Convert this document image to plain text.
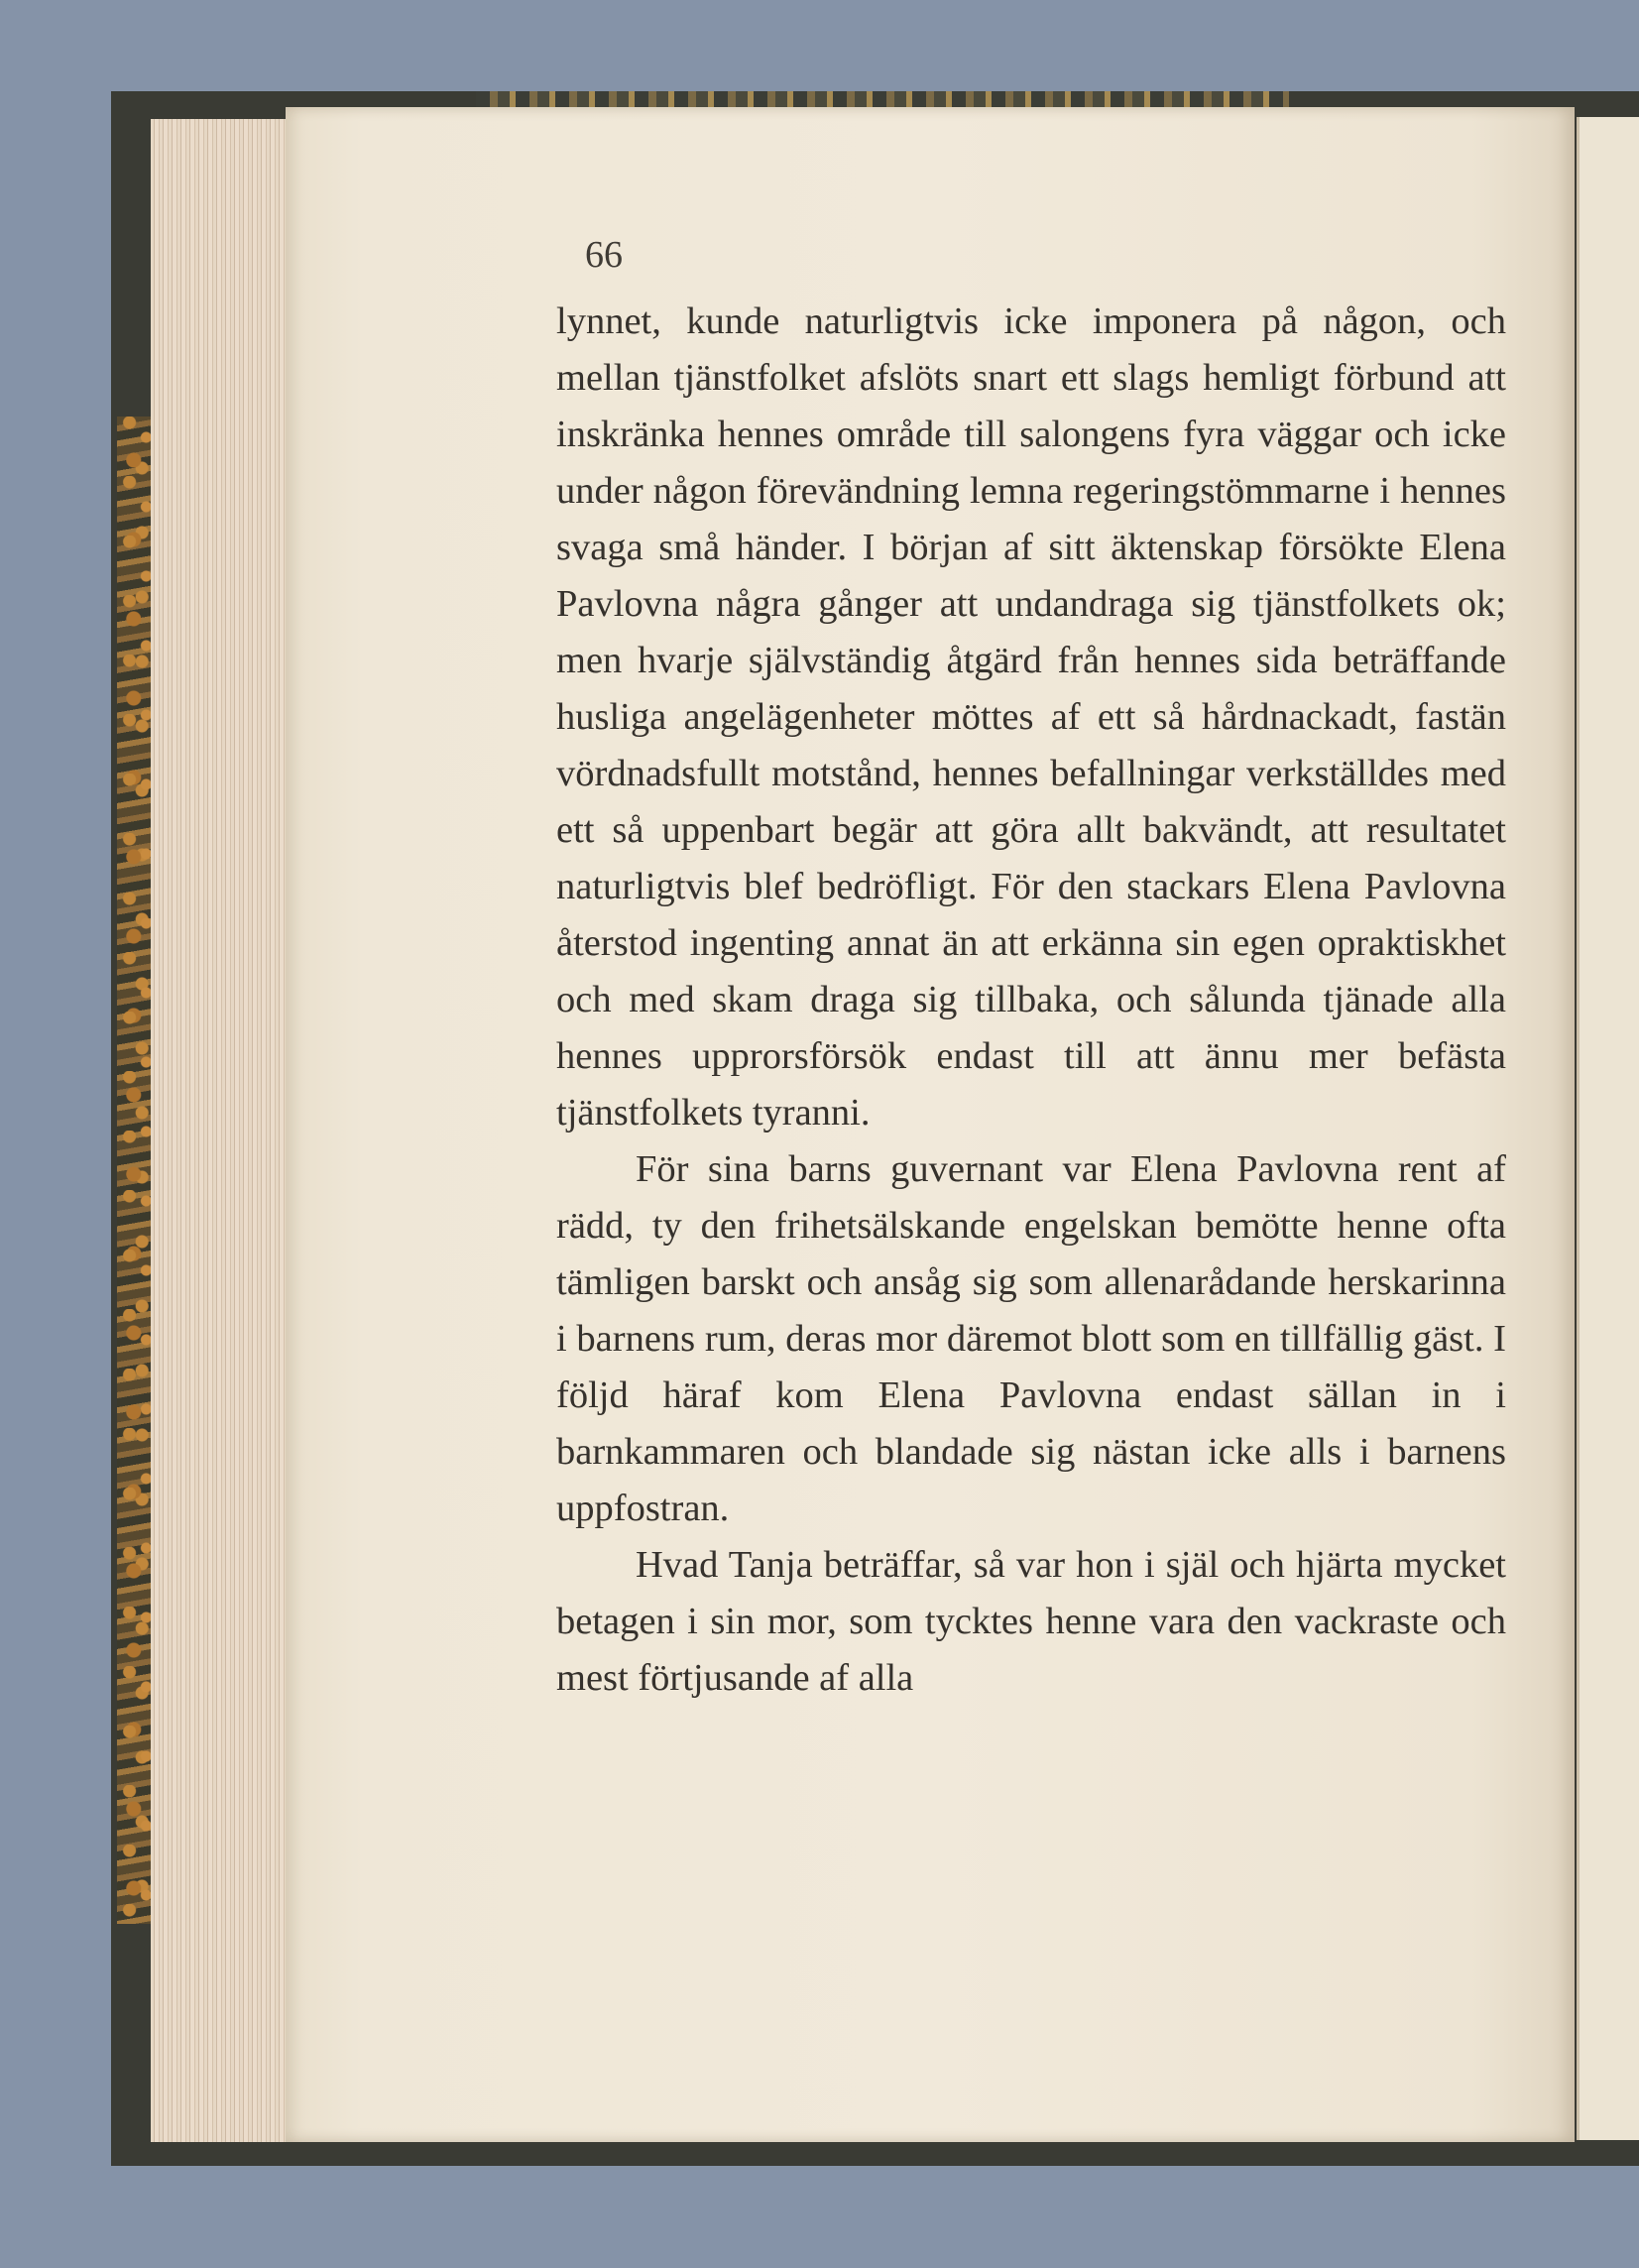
66

lynnet, kunde naturligtvis icke imponera på någon, och mellan tjänstfolket afslöts snart ett slags hemligt förbund att inskränka hennes område till salongens fyra väggar och icke under någon förevändning lemna regeringstömmarne i hennes svaga små händer. I början af sitt äktenskap försökte Elena Pavlovna några gånger att undandraga sig tjänstfolkets ok; men hvarje självständig åtgärd från hennes sida beträffande husliga angelägenheter möttes af ett så hårdnackadt, fastän vördnadsfullt motstånd, hennes befallningar verkställdes med ett så uppenbart begär att göra allt bakvändt, att resultatet naturligtvis blef bedröfligt. För den stackars Elena Pavlovna återstod ingenting annat än att erkänna sin egen opraktiskhet och med skam draga sig tillbaka, och sålunda tjänade alla hennes upprorsförsök endast till att ännu mer befästa tjänstfolkets tyranni.

För sina barns guvernant var Elena Pavlovna rent af rädd, ty den frihetsälskande engelskan bemötte henne ofta tämligen barskt och ansåg sig som allenarådande herskarinna i barnens rum, deras mor däremot blott som en tillfällig gäst. I följd häraf kom Elena Pavlovna endast sällan in i barnkammaren och blandade sig nästan icke alls i barnens uppfostran.

Hvad Tanja beträffar, så var hon i själ och hjärta mycket betagen i sin mor, som tycktes henne vara den vackraste och mest förtjusande af alla
